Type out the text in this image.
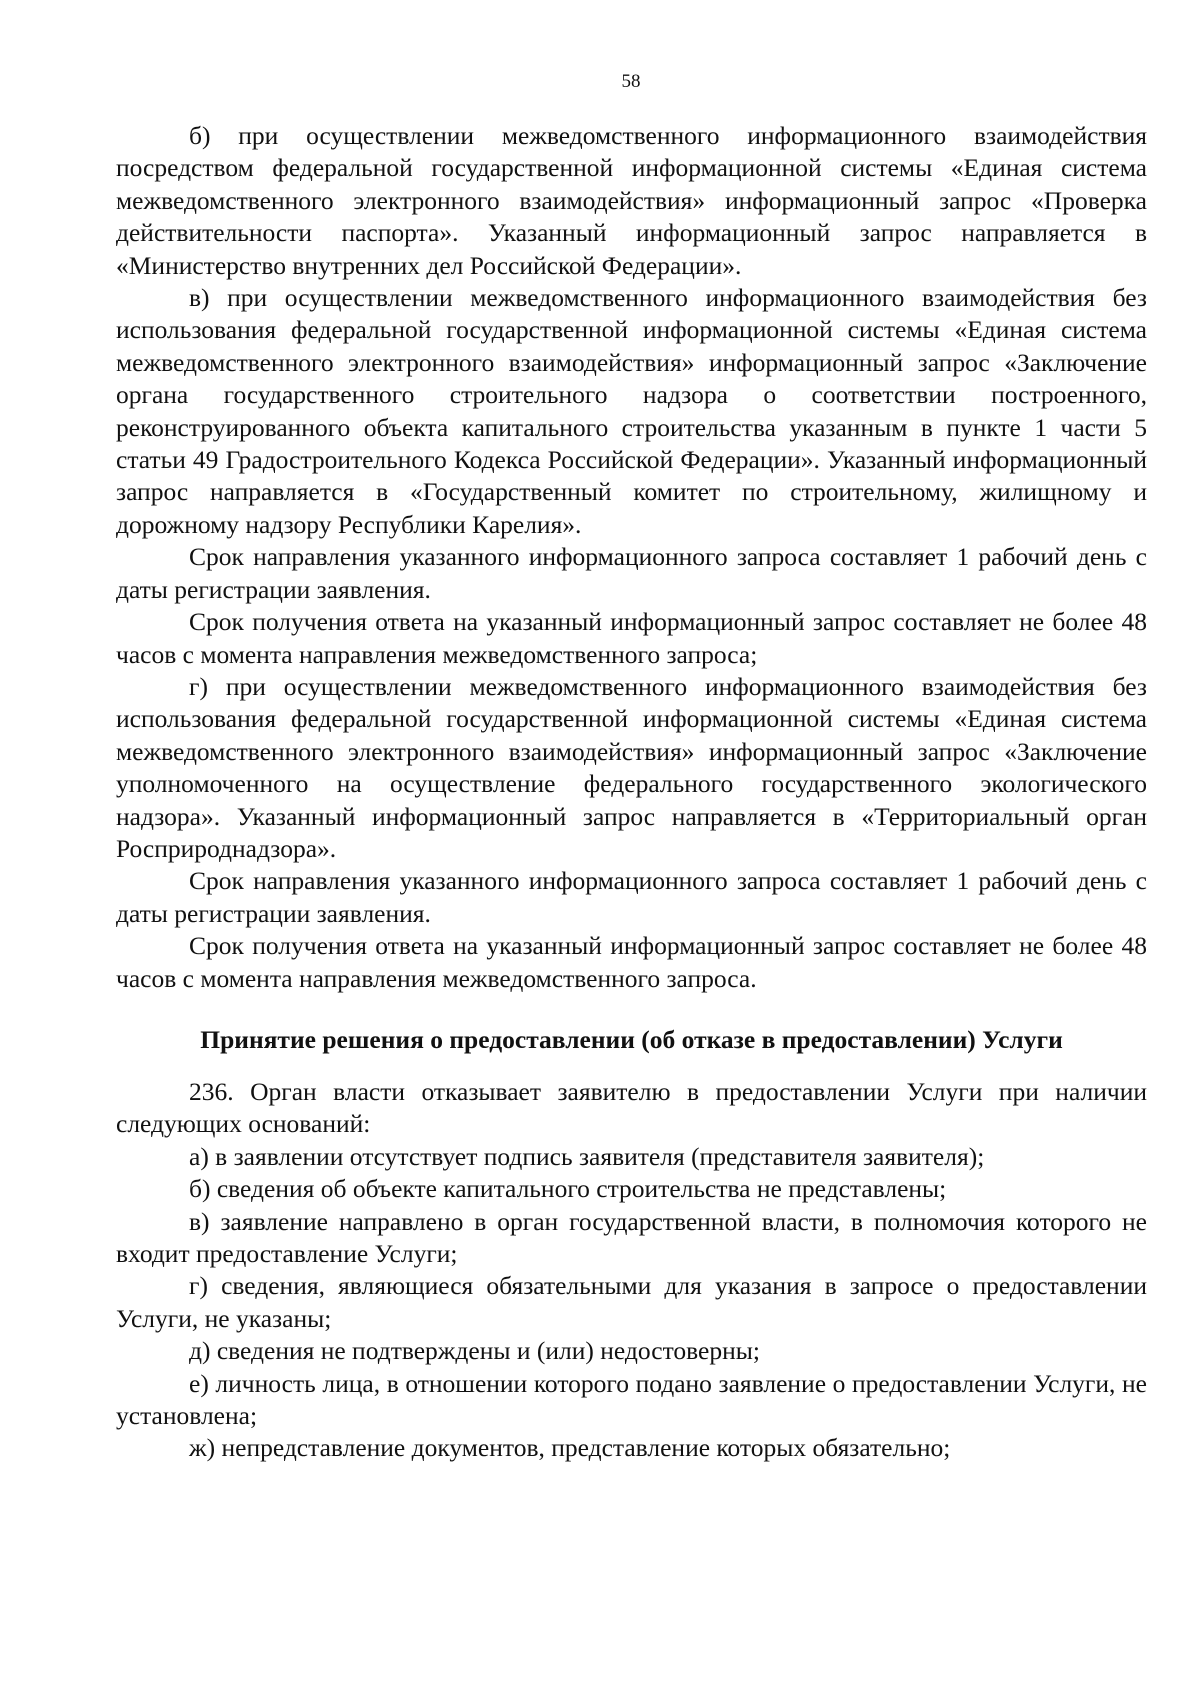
58

б) при осуществлении межведомственного информационного взаимодействия посредством федеральной государственной информационной системы «Единая система межведомственного электронного взаимодействия» информационный запрос «Проверка действительности паспорта». Указанный информационный запрос направляется в «Министерство внутренних дел Российской Федерации».

в) при осуществлении межведомственного информационного взаимодействия без использования федеральной государственной информационной системы «Единая система межведомственного электронного взаимодействия» информационный запрос «Заключение органа государственного строительного надзора о соответствии построенного, реконструированного объекта капитального строительства указанным в пункте 1 части 5 статьи 49 Градостроительного Кодекса Российской Федерации». Указанный информационный запрос направляется в «Государственный комитет по строительному, жилищному и дорожному надзору Республики Карелия».

Срок направления указанного информационного запроса составляет 1 рабочий день с даты регистрации заявления.

Срок получения ответа на указанный информационный запрос составляет не более 48 часов с момента направления межведомственного запроса;

г) при осуществлении межведомственного информационного взаимодействия без использования федеральной государственной информационной системы «Единая система межведомственного электронного взаимодействия» информационный запрос «Заключение уполномоченного на осуществление федерального государственного экологического надзора». Указанный информационный запрос направляется в «Территориальный орган Росприроднадзора».

Срок направления указанного информационного запроса составляет 1 рабочий день с даты регистрации заявления.

Срок получения ответа на указанный информационный запрос составляет не более 48 часов с момента направления межведомственного запроса.

Принятие решения о предоставлении (об отказе в предоставлении) Услуги

236. Орган власти отказывает заявителю в предоставлении Услуги при наличии следующих оснований:

а) в заявлении отсутствует подпись заявителя (представителя заявителя);

б) сведения об объекте капитального строительства не представлены;

в) заявление направлено в орган государственной власти, в полномочия которого не входит предоставление Услуги;

г) сведения, являющиеся обязательными для указания в запросе о предоставлении Услуги, не указаны;

д) сведения не подтверждены и (или) недостоверны;

е) личность лица, в отношении которого подано заявление о предоставлении Услуги, не установлена;

ж) непредставление документов, представление которых обязательно;
